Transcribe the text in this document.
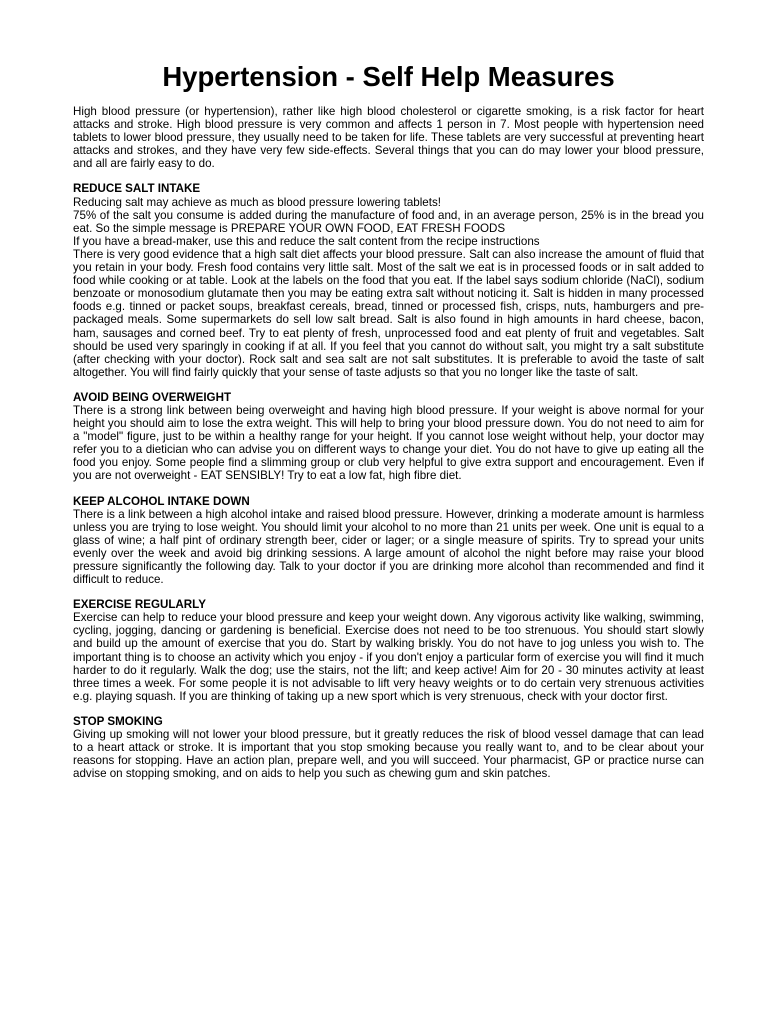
Hypertension - Self Help Measures

High blood pressure (or hypertension), rather like high blood cholesterol or cigarette smoking, is a risk factor for heart attacks and stroke. High blood pressure is very common and affects 1 person in 7. Most people with hypertension need tablets to lower blood pressure, they usually need to be taken for life. These tablets are very successful at preventing heart attacks and strokes, and they have very few side-effects. Several things that you can do may lower your blood pressure, and all are fairly easy to do.

REDUCE SALT INTAKE

Reducing salt may achieve as much as blood pressure lowering tablets!

75% of the salt you consume is added during the manufacture of food and, in an average person, 25% is in the bread you eat. So the simple message is PREPARE YOUR OWN FOOD, EAT FRESH FOODS

If you have a bread-maker, use this and reduce the salt content from the recipe instructions

There is very good evidence that a high salt diet affects your blood pressure. Salt can also increase the amount of fluid that you retain in your body. Fresh food contains very little salt. Most of the salt we eat is in processed foods or in salt added to food while cooking or at table. Look at the labels on the food that you eat. If the label says sodium chloride (NaCl), sodium benzoate or monosodium glutamate then you may be eating extra salt without noticing it. Salt is hidden in many processed foods e.g. tinned or packet soups, breakfast cereals, bread, tinned or processed fish, crisps, nuts, hamburgers and pre-packaged meals. Some supermarkets do sell low salt bread. Salt is also found in high amounts in hard cheese, bacon, ham, sausages and corned beef. Try to eat plenty of fresh, unprocessed food and eat plenty of fruit and vegetables. Salt should be used very sparingly in cooking if at all. If you feel that you cannot do without salt, you might try a salt substitute (after checking with your doctor). Rock salt and sea salt are not salt substitutes. It is preferable to avoid the taste of salt altogether. You will find fairly quickly that your sense of taste adjusts so that you no longer like the taste of salt.

AVOID BEING OVERWEIGHT

There is a strong link between being overweight and having high blood pressure. If your weight is above normal for your height you should aim to lose the extra weight. This will help to bring your blood pressure down. You do not need to aim for a "model" figure, just to be within a healthy range for your height. If you cannot lose weight without help, your doctor may refer you to a dietician who can advise you on different ways to change your diet. You do not have to give up eating all the food you enjoy. Some people find a slimming group or club very helpful to give extra support and encouragement. Even if you are not overweight - EAT SENSIBLY! Try to eat a low fat, high fibre diet.

KEEP ALCOHOL INTAKE DOWN

There is a link between a high alcohol intake and raised blood pressure. However, drinking a moderate amount is harmless unless you are trying to lose weight. You should limit your alcohol to no more than 21 units per week. One unit is equal to a glass of wine; a half pint of ordinary strength beer, cider or lager; or a single measure of spirits. Try to spread your units evenly over the week and avoid big drinking sessions. A large amount of alcohol the night before may raise your blood pressure significantly the following day. Talk to your doctor if you are drinking more alcohol than recommended and find it difficult to reduce.

EXERCISE REGULARLY

Exercise can help to reduce your blood pressure and keep your weight down. Any vigorous activity like walking, swimming, cycling, jogging, dancing or gardening is beneficial. Exercise does not need to be too strenuous. You should start slowly and build up the amount of exercise that you do. Start by walking briskly. You do not have to jog unless you wish to. The important thing is to choose an activity which you enjoy - if you don't enjoy a particular form of exercise you will find it much harder to do it regularly. Walk the dog; use the stairs, not the lift; and keep active! Aim for 20 - 30 minutes activity at least three times a week. For some people it is not advisable to lift very heavy weights or to do certain very strenuous activities e.g. playing squash. If you are thinking of taking up a new sport which is very strenuous, check with your doctor first.

STOP SMOKING

Giving up smoking will not lower your blood pressure, but it greatly reduces the risk of blood vessel damage that can lead to a heart attack or stroke. It is important that you stop smoking because you really want to, and to be clear about your reasons for stopping. Have an action plan, prepare well, and you will succeed. Your pharmacist, GP or practice nurse can advise on stopping smoking, and on aids to help you such as chewing gum and skin patches.
